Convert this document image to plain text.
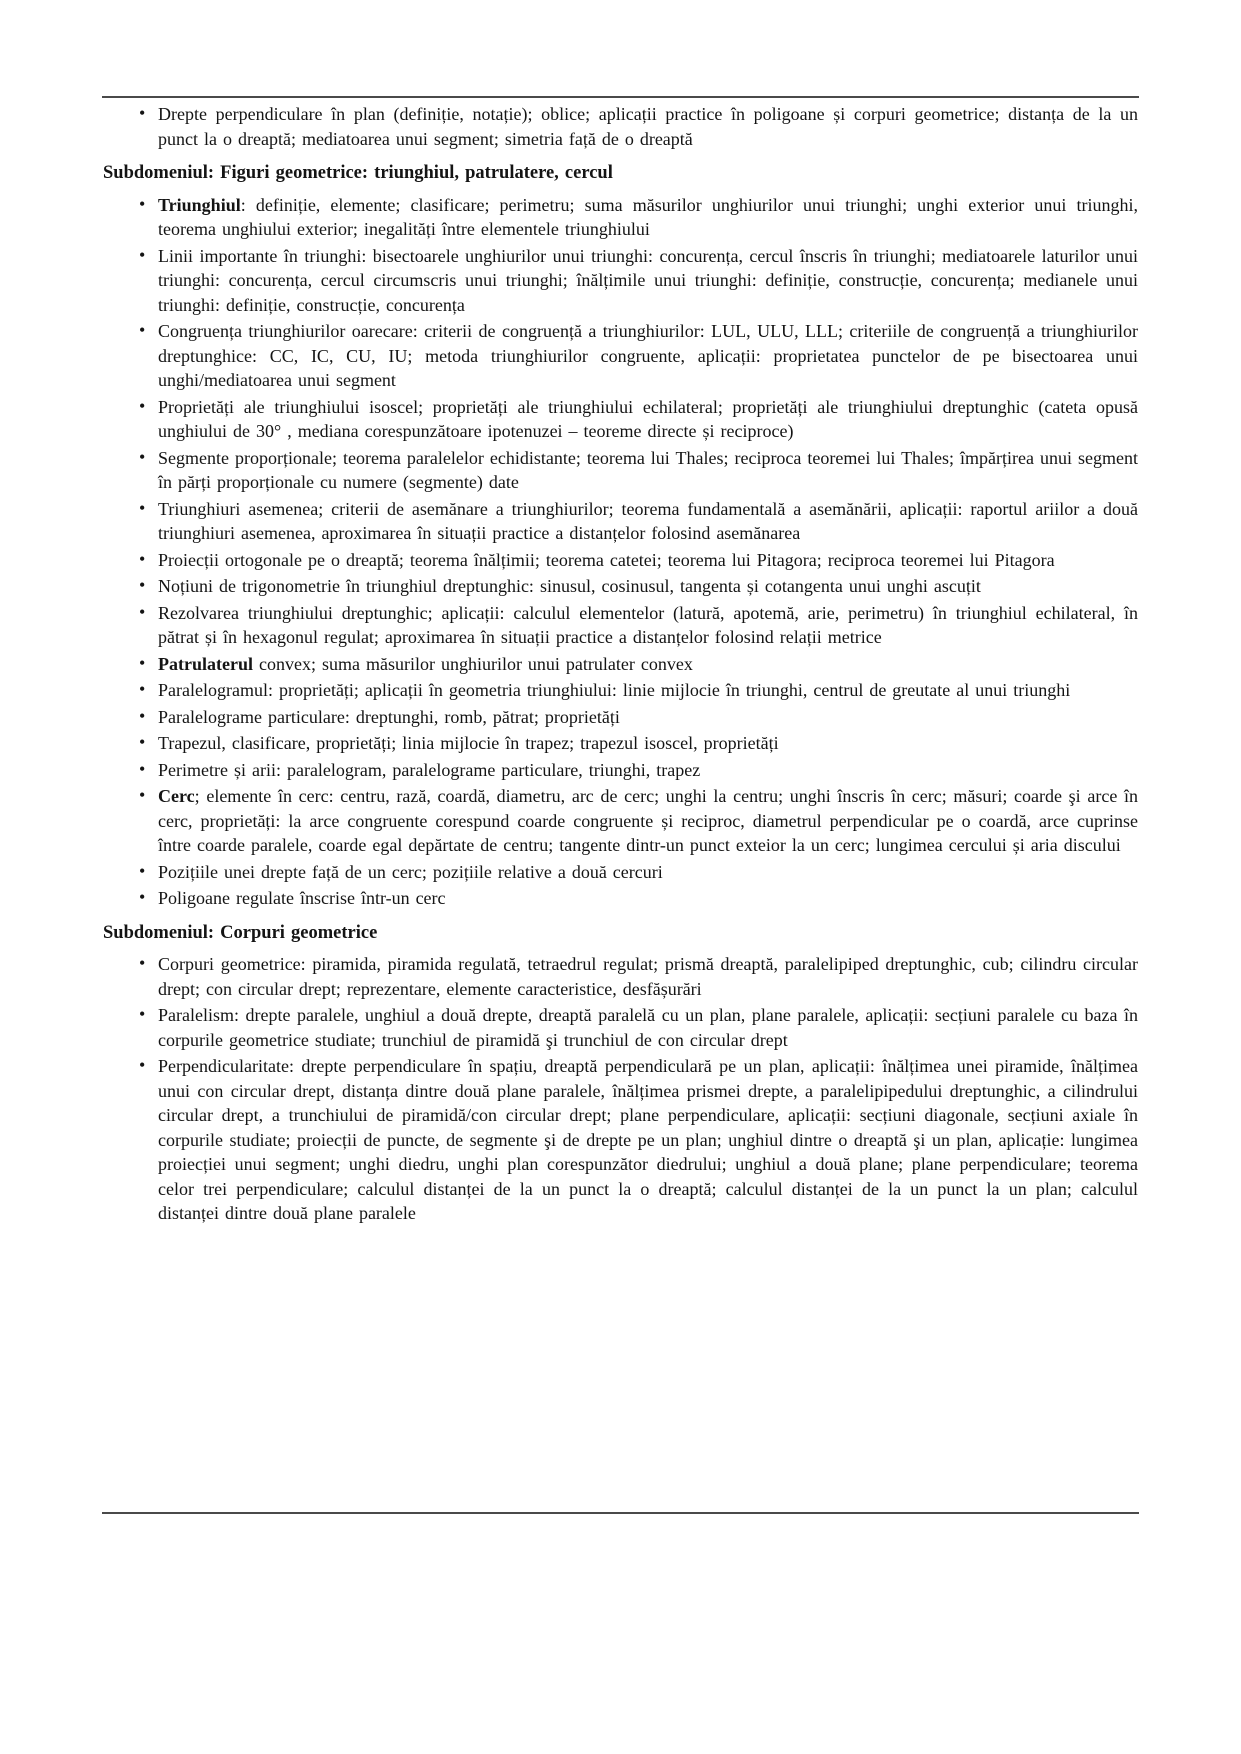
• Drepte perpendiculare în plan (definiție, notație); oblice; aplicații practice în poligoane și corpuri geometrice; distanța de la un punct la o dreaptă; mediatoarea unui segment; simetria față de o dreaptă
Subdomeniul: Figuri geometrice: triunghiul, patrulatere, cercul
• Triunghiul: definiție, elemente; clasificare; perimetru; suma măsurilor unghiurilor unui triunghi; unghi exterior unui triunghi, teorema unghiului exterior; inegalități între elementele triunghiului
• Linii importante în triunghi: bisectoarele unghiurilor unui triunghi: concurența, cercul înscris în triunghi; mediatoarele laturilor unui triunghi: concurența, cercul circumscris unui triunghi; înălțimile unui triunghi: definiție, construcție, concurența; medianele unui triunghi: definiție, construcție, concurența
• Congruența triunghiurilor oarecare: criterii de congruență a triunghiurilor: LUL, ULU, LLL; criteriile de congruență a triunghiurilor dreptunghice: CC, IC, CU, IU; metoda triunghiurilor congruente, aplicații: proprietatea punctelor de pe bisectoarea unui unghi/mediatoarea unui segment
• Proprietăți ale triunghiului isoscel; proprietăți ale triunghiului echilateral; proprietăți ale triunghiului dreptunghic (cateta opusă unghiului de 30° , mediana corespunzătoare ipotenuzei – teoreme directe și reciproce)
• Segmente proporționale; teorema paralelelor echidistante; teorema lui Thales; reciproca teoremei lui Thales; împărțirea unui segment în părți proporționale cu numere (segmente) date
• Triunghiuri asemenea; criterii de asemănare a triunghiurilor; teorema fundamentală a asemănării, aplicații: raportul ariilor a două triunghiuri asemenea, aproximarea în situații practice a distanțelor folosind asemănarea
• Proiecții ortogonale pe o dreaptă; teorema înălțimii; teorema catetei; teorema lui Pitagora; reciproca teoremei lui Pitagora
• Noțiuni de trigonometrie în triunghiul dreptunghic: sinusul, cosinusul, tangenta și cotangenta unui unghi ascuțit
• Rezolvarea triunghiului dreptunghic; aplicații: calculul elementelor (latură, apotemă, arie, perimetru) în triunghiul echilateral, în pătrat și în hexagonul regulat; aproximarea în situații practice a distanțelor folosind relații metrice
• Patrulaterul convex; suma măsurilor unghiurilor unui patrulater convex
• Paralelogramul: proprietăți; aplicații în geometria triunghiului: linie mijlocie în triunghi, centrul de greutate al unui triunghi
• Paralelograme particulare: dreptunghi, romb, pătrat; proprietăți
• Trapezul, clasificare, proprietăți; linia mijlocie în trapez; trapezul isoscel, proprietăți
• Perimetre și arii: paralelogram, paralelograme particulare, triunghi, trapez
• Cerc; elemente în cerc: centru, rază, coardă, diametru, arc de cerc; unghi la centru; unghi înscris în cerc; măsuri; coarde şi arce în cerc, proprietăți: la arce congruente corespund coarde congruente și reciproc, diametrul perpendicular pe o coardă, arce cuprinse între coarde paralele, coarde egal depărtate de centru; tangente dintr-un punct exteior la un cerc; lungimea cercului și aria discului
• Pozițiile unei drepte față de un cerc; pozițiile relative a două cercuri
• Poligoane regulate înscrise într-un cerc
Subdomeniul: Corpuri geometrice
• Corpuri geometrice: piramida, piramida regulată, tetraedrul regulat; prismă dreaptă, paralelipiped dreptunghic, cub; cilindru circular drept; con circular drept; reprezentare, elemente caracteristice, desfășurări
• Paralelism: drepte paralele, unghiul a două drepte, dreaptă paralelă cu un plan, plane paralele, aplicații: secțiuni paralele cu baza în corpurile geometrice studiate; trunchiul de piramidă şi trunchiul de con circular drept
• Perpendicularitate: drepte perpendiculare în spațiu, dreaptă perpendiculară pe un plan, aplicații: înălțimea unei piramide, înălțimea unui con circular drept, distanța dintre două plane paralele, înălțimea prismei drepte, a paralelipipedului dreptunghic, a cilindrului circular drept, a trunchiului de piramidă/con circular drept; plane perpendiculare, aplicații: secțiuni diagonale, secțiuni axiale în corpurile studiate; proiecții de puncte, de segmente şi de drepte pe un plan; unghiul dintre o dreaptă şi un plan, aplicație: lungimea proiecției unui segment; unghi diedru, unghi plan corespunzător diedrului; unghiul a două plane; plane perpendiculare; teorema celor trei perpendiculare; calculul distanței de la un punct la o dreaptă; calculul distanței de la un punct la un plan; calculul distanței dintre două plane paralele
